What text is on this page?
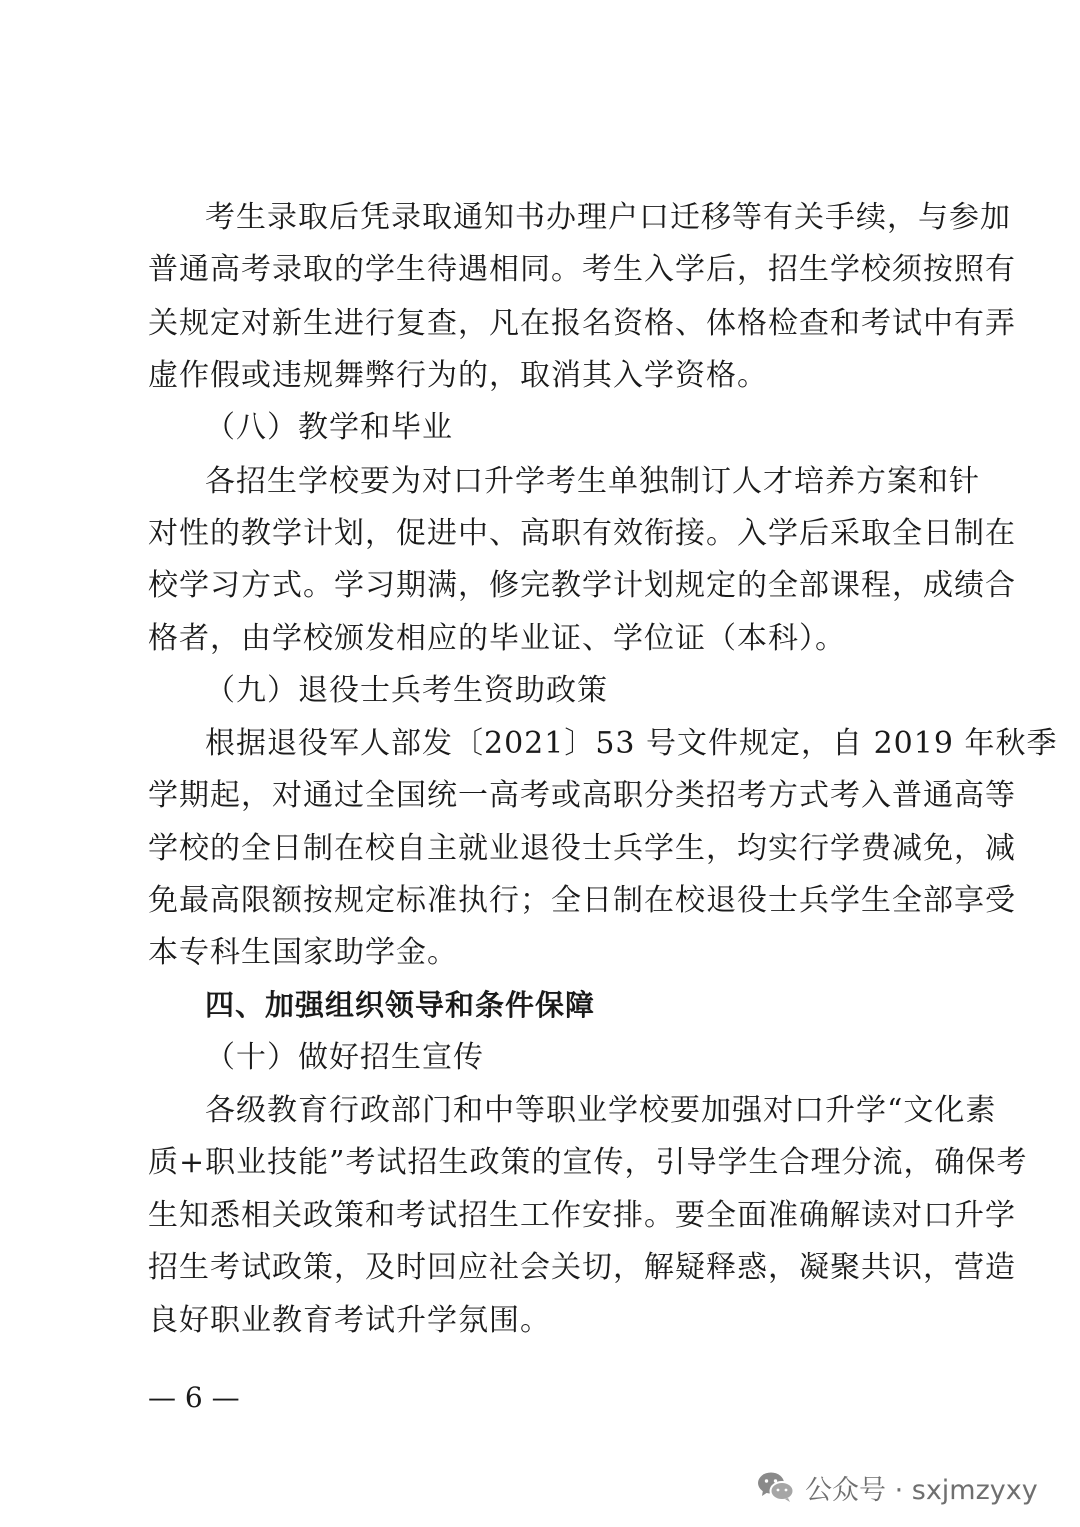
考生录取后凭录取通知书办理户口迁移等有关手续，与参加
普通高考录取的学生待遇相同。考生入学后，招生学校须按照有
关规定对新生进行复查，凡在报名资格、体格检查和考试中有弄
虚作假或违规舞弊行为的，取消其入学资格。
（八）教学和毕业
各招生学校要为对口升学考生单独制订人才培养方案和针
对性的教学计划，促进中、高职有效衔接。入学后采取全日制在
校学习方式。学习期满，修完教学计划规定的全部课程，成绩合
格者，由学校颁发相应的毕业证、学位证（本科）。
（九）退役士兵考生资助政策
根据退役军人部发〔2021〕53 号文件规定，自 2019 年秋季
学期起，对通过全国统一高考或高职分类招考方式考入普通高等
学校的全日制在校自主就业退役士兵学生，均实行学费减免，减
免最高限额按规定标准执行；全日制在校退役士兵学生全部享受
本专科生国家助学金。
四、加强组织领导和条件保障
（十）做好招生宣传
各级教育行政部门和中等职业学校要加强对口升学“文化素
质+职业技能”考试招生政策的宣传，引导学生合理分流，确保考
生知悉相关政策和考试招生工作安排。要全面准确解读对口升学
招生考试政策，及时回应社会关切，解疑释惑，凝聚共识，营造
良好职业教育考试升学氛围。
— 6 —
公众号 · sxjmzyxy
